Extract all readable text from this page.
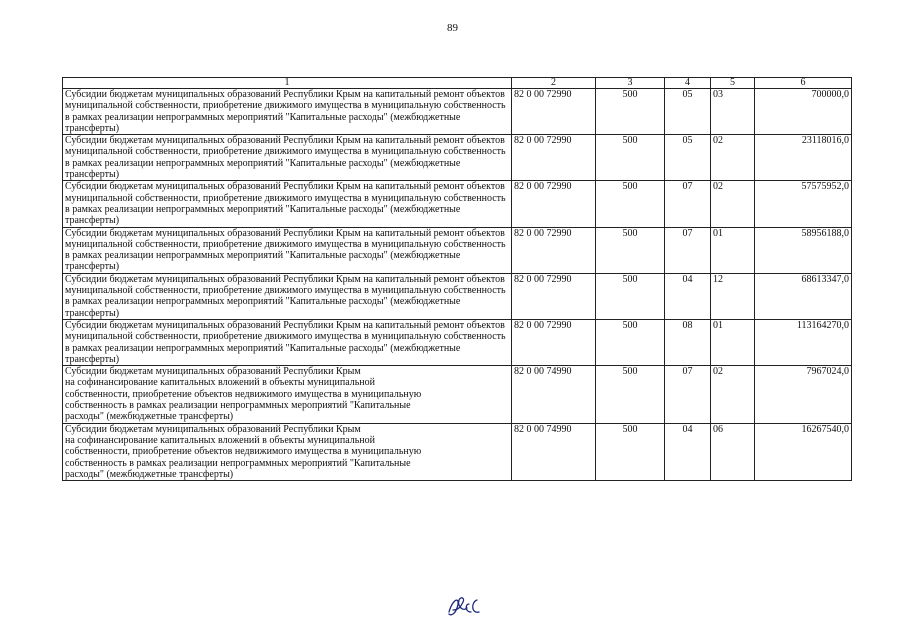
89
1	2	3	4	5	6
Субсидии бюджетам муниципальных образований Республики Крым на капитальный ремонт объектов муниципальной собственности, приобретение движимого имущества в муниципальную собственность в рамках реализации непрограммных мероприятий "Капитальные расходы" (межбюджетные трансферты)	82 0 00 72990	500	05	03	700000,0
Субсидии бюджетам муниципальных образований Республики Крым на капитальный ремонт объектов муниципальной собственности, приобретение движимого имущества в муниципальную собственность в рамках реализации непрограммных мероприятий "Капитальные расходы" (межбюджетные трансферты)	82 0 00 72990	500	05	02	23118016,0
Субсидии бюджетам муниципальных образований Республики Крым на капитальный ремонт объектов муниципальной собственности, приобретение движимого имущества в муниципальную собственность в рамках реализации непрограммных мероприятий "Капитальные расходы" (межбюджетные трансферты)	82 0 00 72990	500	07	02	57575952,0
Субсидии бюджетам муниципальных образований Республики Крым на капитальный ремонт объектов муниципальной собственности, приобретение движимого имущества в муниципальную собственность в рамках реализации непрограммных мероприятий "Капитальные расходы" (межбюджетные трансферты)	82 0 00 72990	500	07	01	58956188,0
Субсидии бюджетам муниципальных образований Республики Крым на капитальный ремонт объектов муниципальной собственности, приобретение движимого имущества в муниципальную собственность в рамках реализации непрограммных мероприятий "Капитальные расходы" (межбюджетные трансферты)	82 0 00 72990	500	04	12	68613347,0
Субсидии бюджетам муниципальных образований Республики Крым на капитальный ремонт объектов муниципальной собственности, приобретение движимого имущества в муниципальную собственность в рамках реализации непрограммных мероприятий "Капитальные расходы" (межбюджетные трансферты)	82 0 00 72990	500	08	01	113164270,0
Субсидии бюджетам муниципальных образований Республики Крым
на софинансирование капитальных вложений в объекты муниципальной
собственности, приобретение объектов недвижимого имущества в муниципальную
собственность в рамках реализации непрограммных мероприятий "Капитальные
расходы" (межбюджетные трансферты)	82 0 00 74990	500	07	02	7967024,0
Субсидии бюджетам муниципальных образований Республики Крым
на софинансирование капитальных вложений в объекты муниципальной
собственности, приобретение объектов недвижимого имущества в муниципальную
собственность в рамках реализации непрограммных мероприятий "Капитальные
расходы" (межбюджетные трансферты)	82 0 00 74990	500	04	06	16267540,0
